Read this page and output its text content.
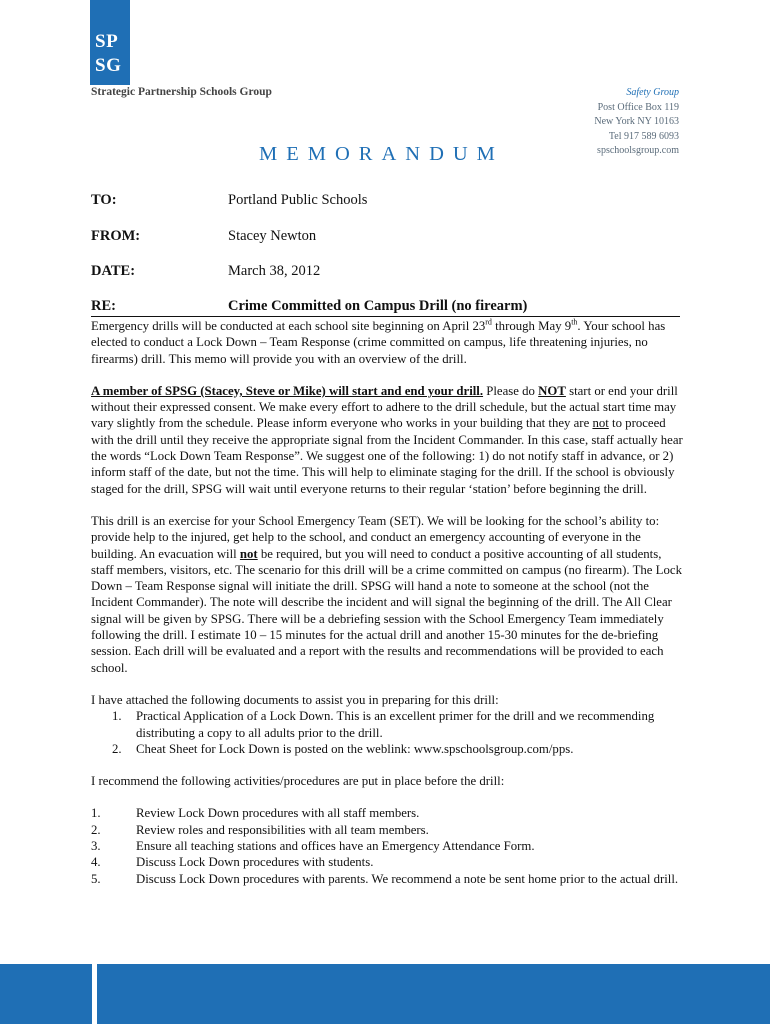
SP
SG
Strategic Partnership Schools Group	Safety Group
Post Office Box 119
New York NY 10163
Tel 917 589 6093
spschoolsgroup.com
MEMORANDUM
TO:	Portland Public Schools
FROM:	Stacey Newton
DATE:	March 38, 2012
RE:	Crime Committed on Campus Drill (no firearm)

Emergency drills will be conducted at each school site beginning on April 23rd through May 9th. Your school has elected to conduct a Lock Down – Team Response (crime committed on campus, life threatening injuries, no firearms) drill. This memo will provide you with an overview of the drill.

A member of SPSG (Stacey, Steve or Mike) will start and end your drill. Please do NOT start or end your drill without their expressed consent. We make every effort to adhere to the drill schedule, but the actual start time may vary slightly from the schedule. Please inform everyone who works in your building that they are not to proceed with the drill until they receive the appropriate signal from the Incident Commander. In this case, staff actually hear the words “Lock Down Team Response”. We suggest one of the following: 1) do not notify staff in advance, or 2) inform staff of the date, but not the time. This will help to eliminate staging for the drill. If the school is obviously staged for the drill, SPSG will wait until everyone returns to their regular ‘station’ before beginning the drill.

This drill is an exercise for your School Emergency Team (SET). We will be looking for the school’s ability to: provide help to the injured, get help to the school, and conduct an emergency accounting of everyone in the building. An evacuation will not be required, but you will need to conduct a positive accounting of all students, staff members, visitors, etc. The scenario for this drill will be a crime committed on campus (no firearm). The Lock Down – Team Response signal will initiate the drill. SPSG will hand a note to someone at the school (not the Incident Commander). The note will describe the incident and will signal the beginning of the drill. The All Clear signal will be given by SPSG. There will be a debriefing session with the School Emergency Team immediately following the drill. I estimate 10 – 15 minutes for the actual drill and another 15-30 minutes for the de-briefing session. Each drill will be evaluated and a report with the results and recommendations will be provided to each school.

I have attached the following documents to assist you in preparing for this drill:
1. Practical Application of a Lock Down. This is an excellent primer for the drill and we recommending distributing a copy to all adults prior to the drill.
2. Cheat Sheet for Lock Down is posted on the weblink: www.spschoolsgroup.com/pps.

I recommend the following activities/procedures are put in place before the drill:

1.	Review Lock Down procedures with all staff members.
2.	Review roles and responsibilities with all team members.
3.	Ensure all teaching stations and offices have an Emergency Attendance Form.
4.	Discuss Lock Down procedures with students.
5.	Discuss Lock Down procedures with parents. We recommend a note be sent home prior to the actual drill.
